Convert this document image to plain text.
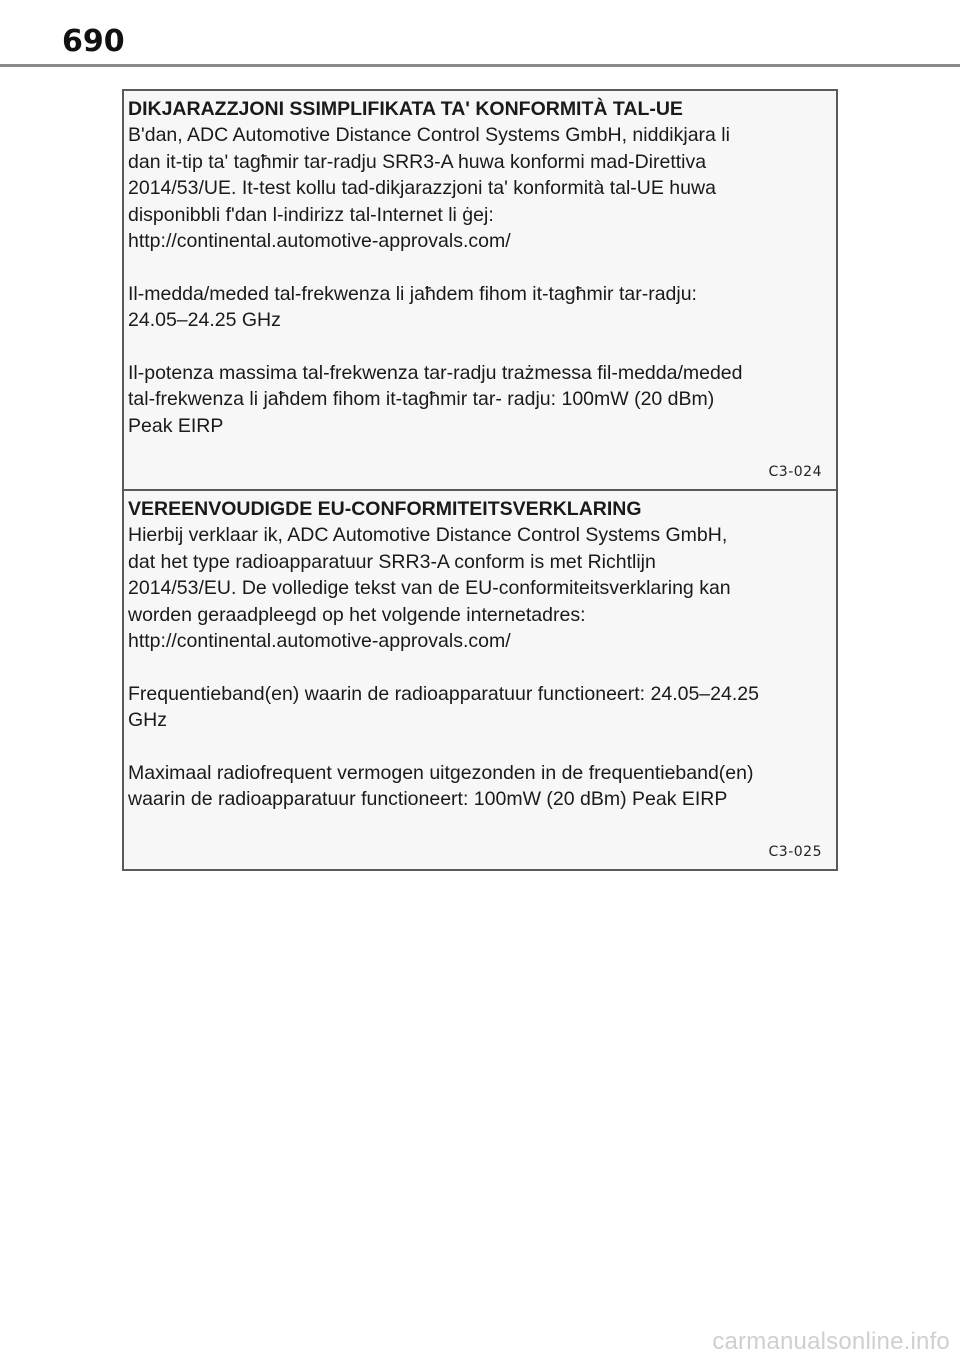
690
DIKJARAZZJONI SSIMPLIFIKATA TA' KONFORMITÀ TAL-UE

B'dan, ADC Automotive Distance Control Systems GmbH, niddikjara li
dan it-tip ta' tagħmir tar-radju SRR3-A huwa konformi mad-Direttiva
2014/53/UE. It-test kollu tad-dikjarazzjoni ta' konformità tal-UE huwa
disponibbli f'dan l-indirizz tal-Internet li ġej:
http://continental.automotive-approvals.com/

Il-medda/meded tal-frekwenza li jaħdem fihom it-tagħmir tar-radju:
24.05–24.25 GHz

Il-potenza massima tal-frekwenza tar-radju trażmessa fil-medda/meded
tal-frekwenza li jaħdem fihom it-tagħmir tar- radju: 100mW (20 dBm)
Peak EIRP

C3-024
VEREENVOUDIGDE EU-CONFORMITEITSVERKLARING

Hierbij verklaar ik, ADC Automotive Distance Control Systems GmbH,
dat het type radioapparatuur SRR3-A conform is met Richtlijn
2014/53/EU. De volledige tekst van de EU-conformiteitsverklaring kan
worden geraadpleegd op het volgende internetadres:
http://continental.automotive-approvals.com/

Frequentieband(en) waarin de radioapparatuur functioneert: 24.05–24.25
GHz

Maximaal radiofrequent vermogen uitgezonden in de frequentieband(en)
waarin de radioapparatuur functioneert: 100mW (20 dBm) Peak EIRP

C3-025
carmanualsonline.info
